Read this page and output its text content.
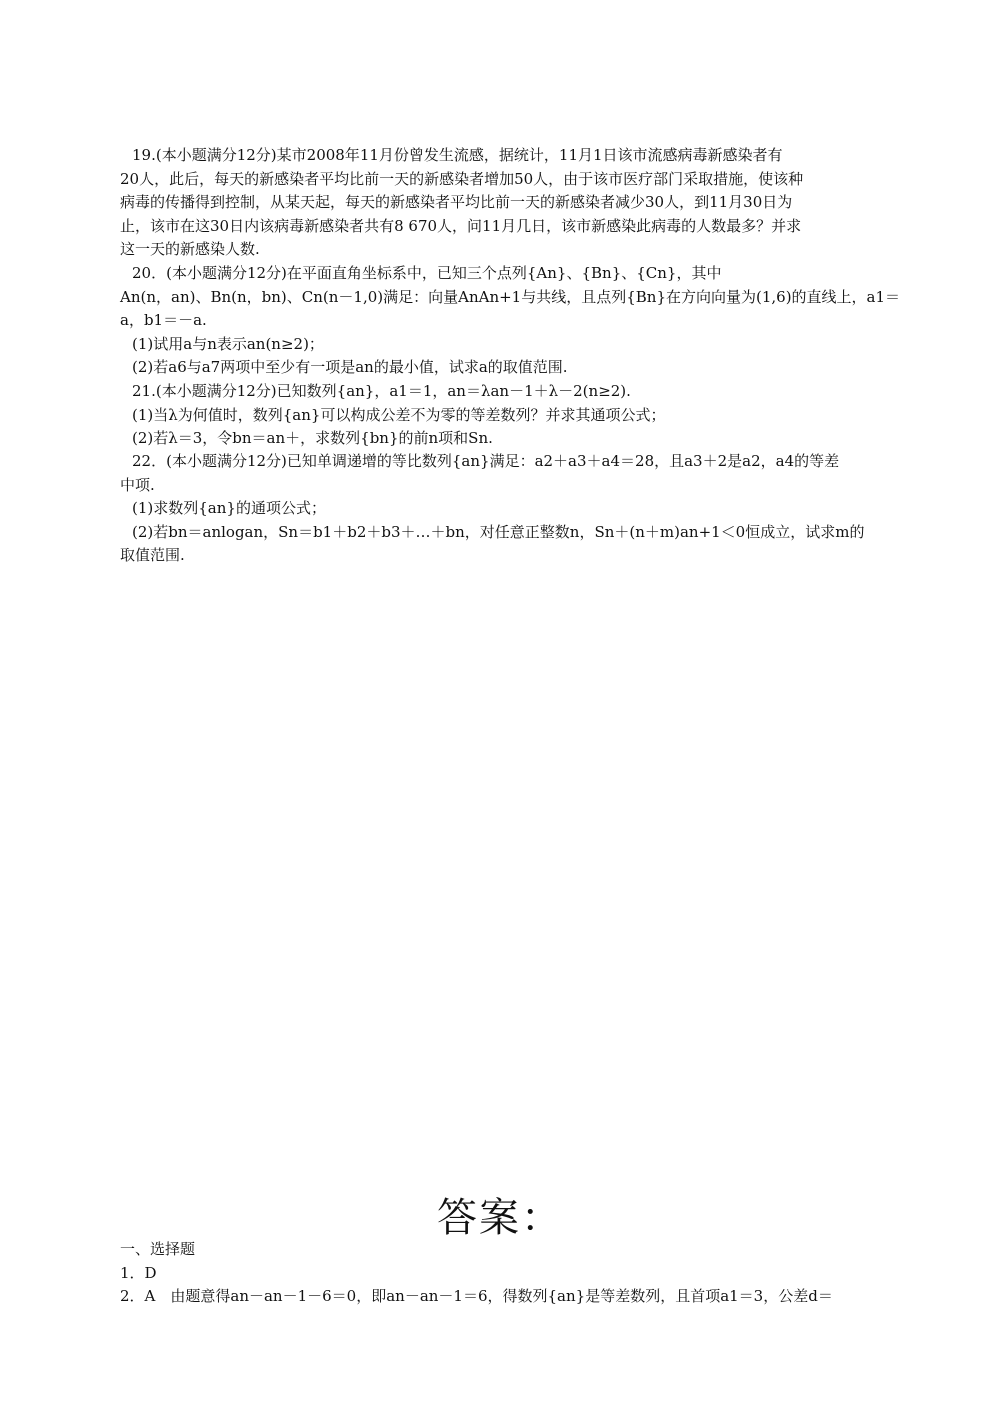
19.(本小题满分12分)某市2008年11月份曾发生流感，据统计，11月1日该市流感病毒新感染者有

20人，此后，每天的新感染者平均比前一天的新感染者增加50人，由于该市医疗部门采取措施，使该种

病毒的传播得到控制，从某天起，每天的新感染者平均比前一天的新感染者减少30人，到11月30日为

止，该市在这30日内该病毒新感染者共有8 670人，问11月几日，该市新感染此病毒的人数最多？并求

这一天的新感染人数.

20．(本小题满分12分)在平面直角坐标系中，已知三个点列{An}、{Bn}、{Cn}，其中

An(n，an)、Bn(n，bn)、Cn(n－1,0)满足：向量AnAn+1与共线，且点列{Bn}在方向向量为(1,6)的直线上，a1＝

a，b1＝－a.

(1)试用a与n表示an(n≥2)；

(2)若a6与a7两项中至少有一项是an的最小值，试求a的取值范围.

21.(本小题满分12分)已知数列{an}，a1＝1，an＝λan－1＋λ－2(n≥2).

(1)当λ为何值时，数列{an}可以构成公差不为零的等差数列？并求其通项公式；

(2)若λ＝3，令bn＝an＋，求数列{bn}的前n项和Sn.

22．(本小题满分12分)已知单调递增的等比数列{an}满足：a2＋a3＋a4＝28，且a3＋2是a2，a4的等差

中项.

(1)求数列{an}的通项公式；

(2)若bn＝anlogan，Sn＝b1＋b2＋b3＋…＋bn，对任意正整数n，Sn＋(n＋m)an+1＜0恒成立，试求m的

取值范围.

答案：

一、选择题

1．D

2．A　由题意得an－an－1－6＝0，即an－an－1＝6，得数列{an}是等差数列，且首项a1＝3，公差d＝
